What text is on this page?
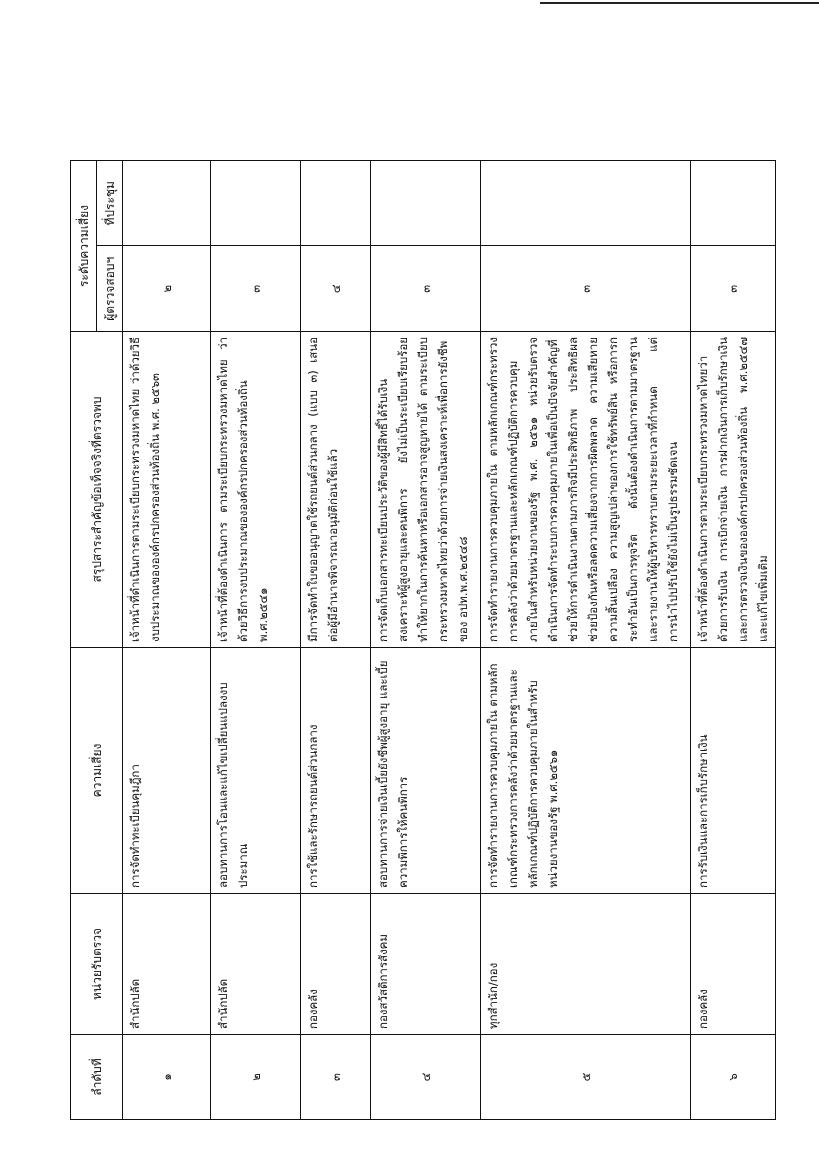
ลำดับที่	หน่วยรับตรวจ	ความเสี่ยง	สรุปสาระสำคัญข้อเท็จจริงที่ตรวจพบ	ระดับความเสี่ยง	
				ผู้ตรวจสอบฯ	ที่ประชุม
๑	สำนักปลัด	การจัดทำทะเบียนคุมฎีกา	เจ้าหน้าที่ดำเนินการตามระเบียบกระทรวงมหาดไทย ว่าด้วยวิธีงบประมาณขององค์กรปกครองส่วนท้องถิ่น พ.ศ. ๒๕๖๓	๒	
๒	สำนักปลัด	ลอบทานการโอนและแก้ไขเปลี่ยนแปลงงบประมาณ	เจ้าหน้าที่ต้องดำเนินการ ตามระเบียบกระทรวงมหาดไทย ว่าด้วยวิธีการงบประมาณขององค์กรปกครองส่วนท้องถิ่น พ.ศ.๒๕๔๑	๓	
๓	กองคลัง	การใช้และรักษารถยนต์ส่วนกลาง	มีการจัดทำใบขออนุญาตใช้รถยนต์ส่วนกลาง (แบบ ๓) เสนอต่อผู้มีอำนาจพิจารณาอนุมัติก่อนใช้แล้ว	๔	
๔	กองสวัสดิการสังคม	สอบทานการจ่ายเงินเบี้ยยังชีพผู้สูงอายุ และเบี้ยความพิการให้คนพิการ	การจัดเก็บเอกสารทะเบียนประวัติของผู้มีสิทธิ์ได้รับเงินสงเคราะห์ผู้สูงอายุและคนพิการ ยังไม่เป็นระเบียบเรียบร้อย ทำให้ยากในการค้นหาหรือเอกสารอาจสูญหายได้ ตามระเบียบกระทรวงมหาดไทยว่าด้วยการจ่ายเงินสงเคราะห์เพื่อการยังชีพของ อปท.พ.ศ.๒๕๔๘	๓	
๕	ทุกสำนัก/กอง	การจัดทำรายงานการควบคุมภายใน ตามหลักเกณฑ์กระทรวงการคลังว่าด้วยมาตรฐานและหลักเกณฑ์ปฏิบัติการควบคุมภายในสำหรับหน่วยงานของรัฐ พ.ศ.๒๕๖๑	การจัดทำรายงานการควบคุมภายใน ตามหลักเกณฑ์กระทรวงการคลังว่าด้วยมาตรฐานและหลักเกณฑ์ปฏิบัติการควบคุมภายในสำหรับหน่วยงานของรัฐ พ.ศ. ๒๕๖๑ หน่วยรับตรวจ ดำเนินการจัดทำระบบการควบคุมภายในเพื่อเป็นปัจจัยสำคัญที่ช่วยให้การดำเนินงานตามภารกิจมีประสิทธิภาพ ประสิทธิผล ช่วยป้องกันหรือลดความเสี่ยงจากการผิดพลาด ความเสียหาย ความสิ้นเปลือง ความสูญเปล่าของการใช้ทรัพย์สิน หรือการกระทำอันเป็นการทุจริต ดังนั้นต้องดำเนินการตามมาตรฐาน และรายงานให้ผู้บริหารทราบตามระยะเวลาที่กำหนด แต่การนำไปปรับใช้ยังไม่เป็นรูปธรรมชัดเจน	๓	
๖	กองคลัง	การรับเงินและการเก็บรักษาเงิน	เจ้าหน้าที่ต้องดำเนินการตามระเบียบกระทรวงมหาดไทยว่าด้วยการรับเงิน การเบิกจ่ายเงิน การฝากเงินการเก็บรักษาเงินและการตรวจเงินขององค์กรปกครองส่วนท้องถิ่น พ.ศ.๒๕๔๗ และแก้ไขเพิ่มเติม	๓	
